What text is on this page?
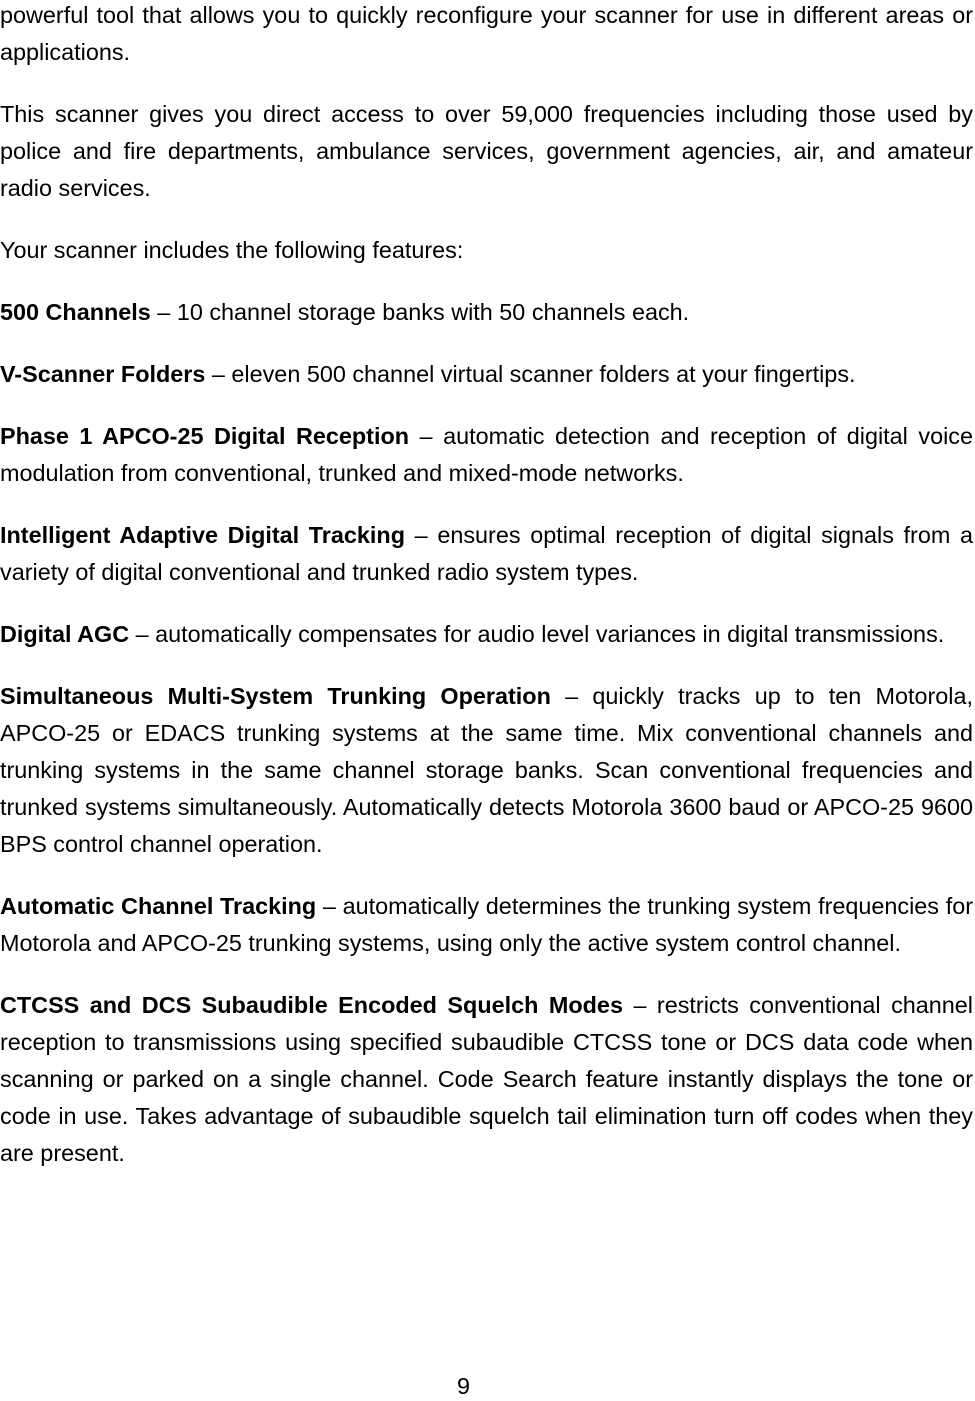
powerful tool that allows you to quickly reconfigure your scanner for use in different areas or applications.

This scanner gives you direct access to over 59,000 frequencies including those used by police and fire departments, ambulance services, government agencies, air, and amateur radio services.

Your scanner includes the following features:

500 Channels – 10 channel storage banks with 50 channels each.

V-Scanner Folders – eleven 500 channel virtual scanner folders at your fingertips.

Phase 1 APCO-25 Digital Reception – automatic detection and reception of digital voice modulation from conventional, trunked and mixed-mode networks.

Intelligent Adaptive Digital Tracking – ensures optimal reception of digital signals from a variety of digital conventional and trunked radio system types.

Digital AGC – automatically compensates for audio level variances in digital transmissions.

Simultaneous Multi-System Trunking Operation – quickly tracks up to ten Motorola, APCO-25 or EDACS trunking systems at the same time. Mix conventional channels and trunking systems in the same channel storage banks. Scan conventional frequencies and trunked systems simultaneously. Automatically detects Motorola 3600 baud or APCO-25 9600 BPS control channel operation.

Automatic Channel Tracking – automatically determines the trunking system frequencies for Motorola and APCO-25 trunking systems, using only the active system control channel.

CTCSS and DCS Subaudible Encoded Squelch Modes – restricts conventional channel reception to transmissions using specified subaudible CTCSS tone or DCS data code when scanning or parked on a single channel. Code Search feature instantly displays the tone or code in use. Takes advantage of subaudible squelch tail elimination turn off codes when they are present.

9
